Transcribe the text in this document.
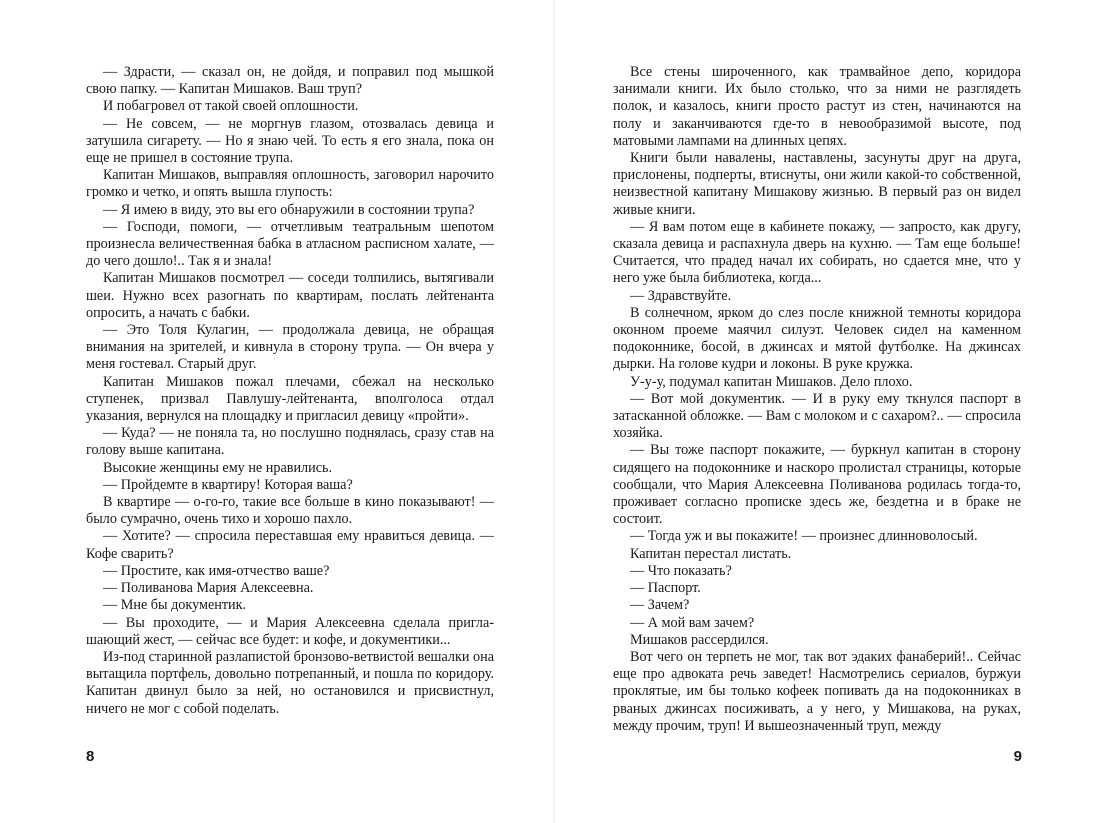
— Здрасти, — сказал он, не дойдя, и поправил под мышкой свою папку. — Капитан Мишаков. Ваш труп?

И побагровел от такой своей оплошности.

— Не совсем, — не моргнув глазом, отозвалась девица и затушила сигарету. — Но я знаю чей. То есть я его знала, пока он еще не пришел в состояние трупа.

Капитан Мишаков, выправляя оплошность, заговорил нарочито громко и четко, и опять вышла глупость:

— Я имею в виду, это вы его обнаружили в состоянии трупа?

— Господи, помоги, — отчетливым театральным шепотом произнесла величественная бабка в атласном расписном халате, — до чего дошло!.. Так я и знала!

Капитан Мишаков посмотрел — соседи толпились, вытягивали шеи. Нужно всех разогнать по квартирам, послать лейтенанта опросить, а начать с бабки.

— Это Толя Кулагин, — продолжала девица, не обращая внимания на зрителей, и кивнула в сторону трупа. — Он вчера у меня гостевал. Старый друг.

Капитан Мишаков пожал плечами, сбежал на несколько ступенек, призвал Павлушу-лейтенанта, вполголоса отдал указания, вернулся на площадку и пригласил девицу «пройти».

— Куда? — не поняла та, но послушно поднялась, сразу став на голову выше капитана.

Высокие женщины ему не нравились.

— Пройдемте в квартиру! Которая ваша?

В квартире — о-го-го, такие все больше в кино показывают! — было сумрачно, очень тихо и хорошо пахло.

— Хотите? — спросила переставшая ему нравиться девица. — Кофе сварить?

— Простите, как имя-отчество ваше?

— Поливанова Мария Алексеевна.

— Мне бы документик.

— Вы проходите, — и Мария Алексеевна сделала приглашающий жест, — сейчас все будет: и кофе, и документики...

Из-под старинной разлапистой бронзово-ветвистой вешалки она вытащила портфель, довольно потрепанный, и пошла по коридору. Капитан двинул было за ней, но остановился и присвистнул, ничего не мог с собой поделать.

8

Все стены широченного, как трамвайное депо, коридора занимали книги. Их было столько, что за ними не разглядеть полок, и казалось, книги просто растут из стен, начинаются на полу и заканчиваются где-то в невообразимой высоте, под матовыми лампами на длинных цепях.

Книги были навалены, наставлены, засунуты друг на друга, прислонены, подперты, втиснуты, они жили какой-то собственной, неизвестной капитану Мишакову жизнью. В первый раз он видел живые книги.

— Я вам потом еще в кабинете покажу, — запросто, как другу, сказала девица и распахнула дверь на кухню. — Там еще больше! Считается, что прадед начал их собирать, но сдается мне, что у него уже была библиотека, когда...

— Здравствуйте.

В солнечном, ярком до слез после книжной темноты коридора оконном проеме маячил силуэт. Человек сидел на каменном подоконнике, босой, в джинсах и мятой футболке. На джинсах дырки. На голове кудри и локоны. В руке кружка.

У-у-у, подумал капитан Мишаков. Дело плохо.

— Вот мой документик. — И в руку ему ткнулся паспорт в затасканной обложке. — Вам с молоком и с сахаром?.. — спросила хозяйка.

— Вы тоже паспорт покажите, — буркнул капитан в сторону сидящего на подоконнике и наскоро пролистал страницы, которые сообщали, что Мария Алексеевна Поливанова родилась тогда-то, проживает согласно прописке здесь же, бездетна и в браке не состоит.

— Тогда уж и вы покажите! — произнес длинноволосый.

Капитан перестал листать.

— Что показать?

— Паспорт.

— Зачем?

— А мой вам зачем?

Мишаков рассердился.

Вот чего он терпеть не мог, так вот эдаких фанаберий!.. Сейчас еще про адвоката речь заведет! Насмотрелись сериалов, буржуи проклятые, им бы только кофеек попивать да на подоконниках в рваных джинсах посиживать, а у него, у Мишакова, на руках, между прочим, труп! И вышеозначенный труп, между

9
